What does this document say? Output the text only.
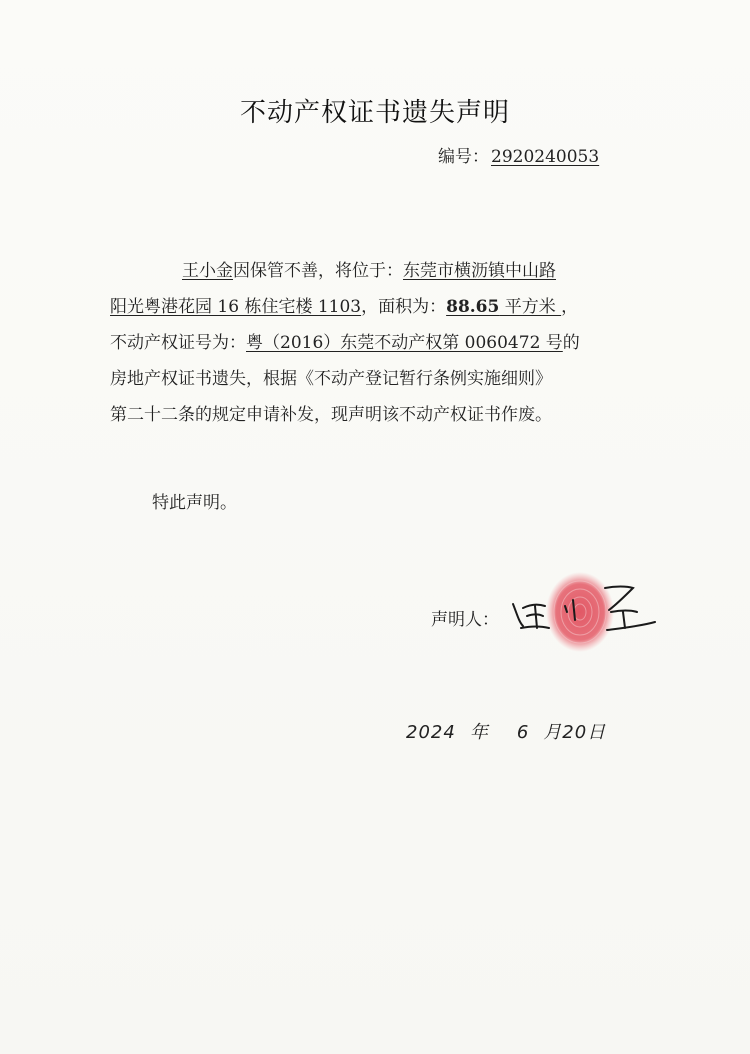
不动产权证书遗失声明
编号： 2920240053
王小金因保管不善，将位于：东莞市横沥镇中山路
阳光粤港花园 16 栋住宅楼 1103，面积为：88.65 平方米 ，
不动产权证号为：粤（2016）东莞不动产权第 0060472 号的
房地产权证书遗失，根据《不动产登记暂行条例实施细则》
第二十二条的规定申请补发，现声明该不动产权证书作废。
特此声明。
声明人：
2024 年 6 月20日
